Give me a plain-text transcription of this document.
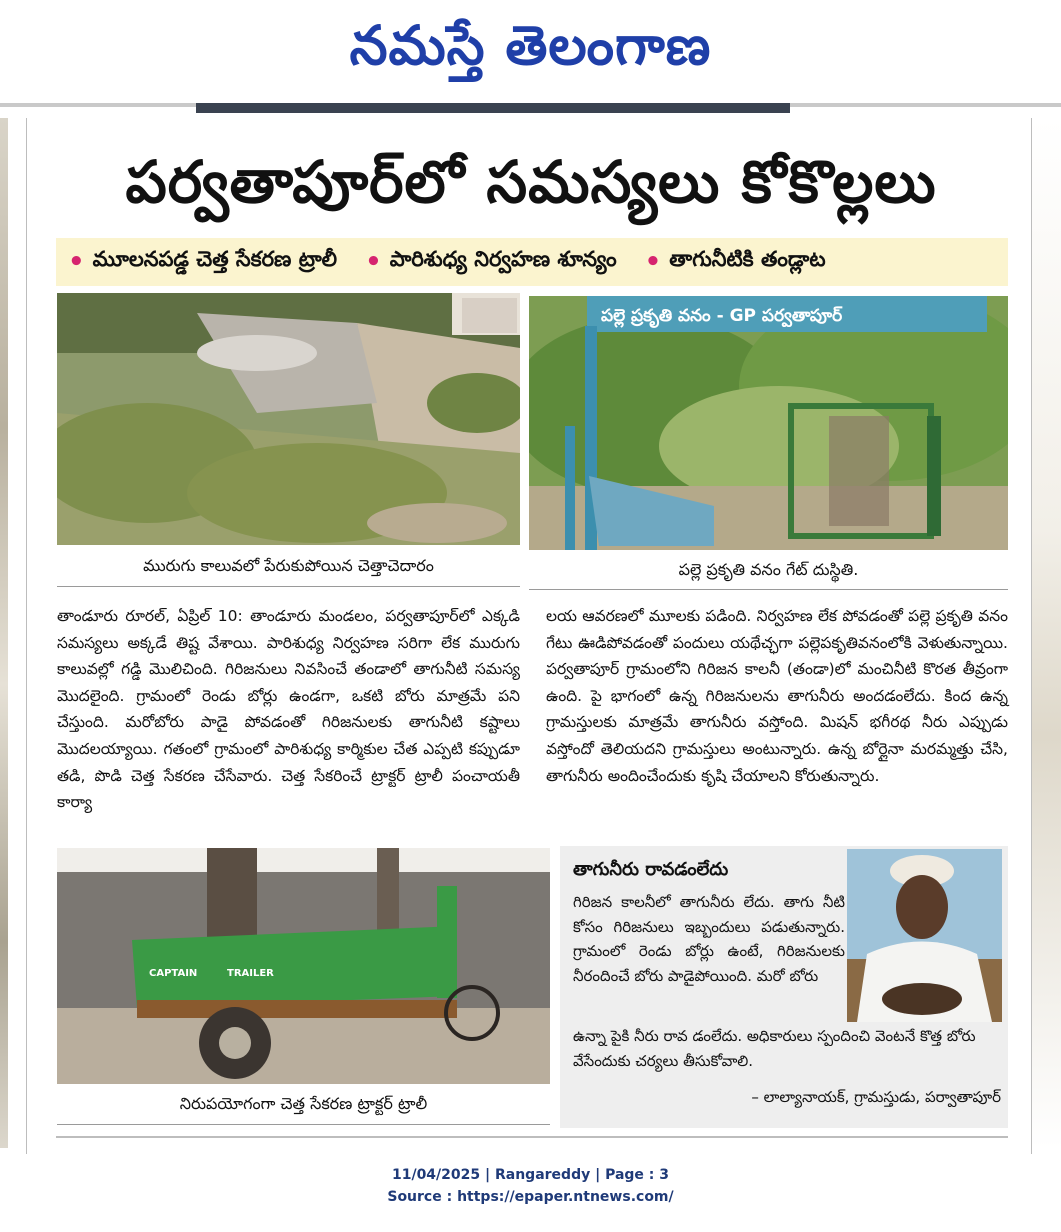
నమస్తే తెలంగాణ
పర్వతాపూర్‌లో సమస్యలు కోకొల్లలు
• మూలనపడ్డ చెత్త సేకరణ ట్రాలీ • పారిశుధ్య నిర్వహణ శూన్యం • తాగునీటికి తండ్లాట
మురుగు కాలువలో పేరుకుపోయిన చెత్తాచెదారం
పల్లె ప్రకృతి వనం - GP పర్వతాపూర్
పల్లె ప్రకృతి వనం గేట్ దుస్థితి.
తాండూరు రూరల్, ఏప్రిల్ 10: తాండూరు మండలం, పర్వతాపూర్‌లో ఎక్కడి సమస్యలు అక్కడే తిష్ట వేశాయి. పారిశుధ్య నిర్వహణ సరిగా లేక మురుగు కాలువల్లో గడ్డి మొలిచింది. గిరిజనులు నివసించే తండాలో తాగునీటి సమస్య మొదలైంది. గ్రామంలో రెండు బోర్లు ఉండగా, ఒకటి బోరు మాత్రమే పని చేస్తుంది. మరోబోరు పాడై పోవడంతో గిరిజనులకు తాగునీటి కష్టాలు మొదలయ్యాయి. గతంలో గ్రామంలో పారిశుధ్య కార్మికుల చేత ఎప్పటి కప్పుడూ తడి, పొడి చెత్త సేకరణ చేసేవారు. చెత్త సేకరించే ట్రాక్టర్ ట్రాలీ పంచాయతీ కార్యా
లయ ఆవరణలో మూలకు పడింది. నిర్వహణ లేక పోవడంతో పల్లె ప్రకృతి వనం గేటు ఊడిపోవడంతో పందులు యథేచ్ఛగా పల్లెపకృతివనంలోకి వెళుతున్నాయి. పర్వతాపూర్ గ్రామంలోని గిరిజన కాలనీ (తండా)లో మంచినీటి కొరత తీవ్రంగా ఉంది. పై భాగంలో ఉన్న గిరిజనులను తాగునీరు అందడంలేదు. కింద ఉన్న గ్రామస్తులకు మాత్రమే తాగునీరు వస్తోంది. మిషన్ భగీరథ నీరు ఎప్పుడు వస్తోందో తెలియదని గ్రామస్తులు అంటున్నారు. ఉన్న బోర్లైనా మరమ్మత్తు చేసి, తాగునీరు అందించేందుకు కృషి చేయాలని కోరుతున్నారు.
CAPTAIN	TRAILER
నిరుపయోగంగా చెత్త సేకరణ ట్రాక్టర్ ట్రాలీ
తాగునీరు రావడంలేదు
గిరిజన కాలనీలో తాగునీరు లేదు. తాగు నీటి కోసం గిరిజనులు ఇబ్బందులు పడుతున్నారు. గ్రామంలో రెండు బోర్లు ఉంటే, గిరిజనులకు నీరందించే బోరు పాడైపోయింది. మరో బోరు
ఉన్నా పైకి నీరు రావ డంలేదు. అధికారులు స్పందించి వెంటనే కొత్త బోరు వేసేందుకు చర్యలు తీసుకోవాలి.
– లాల్యానాయక్, గ్రామస్తుడు, పర్వాతాపూర్
11/04/2025 | Rangareddy | Page : 3
Source : https://epaper.ntnews.com/
